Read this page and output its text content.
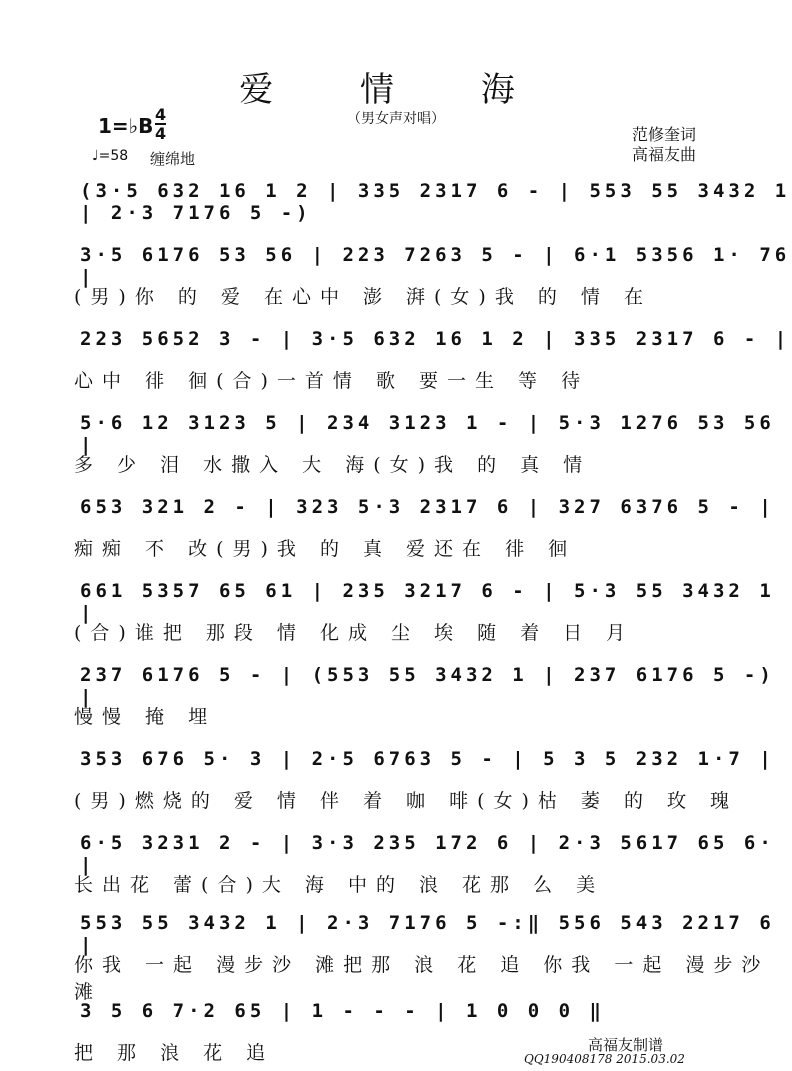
爱 情 海
（男女声对唱）
1=♭B 4
4
♩=58 缠绵地
范修奎词
高福友曲
(3·5 632 16 1 2 | 335 2317 6 - | 553 55 3432 1 | 2·3 7176 5 -)
3·5 6176 53 56 | 223 7263 5 - | 6·1 5356 1· 76 |
(男)你 的 爱 在心中 澎 湃(女)我 的 情 在
223 5652 3 - | 3·5 632 16 1 2 | 335 2317 6 - |
心中 徘 徊(合)一首情 歌 要一生 等 待
5·6 12 3123 5 | 234 3123 1 - | 5·3 1276 53 56 |
多 少 泪 水撒入 大 海(女)我 的 真 情
653 321 2 - | 323 5·3 2317 6 | 327 6376 5 - |
痴痴 不 改(男)我 的 真 爱还在 徘 徊
661 5357 65 61 | 235 3217 6 - | 5·3 55 3432 1 |
(合)谁把 那段 情 化成 尘 埃 随 着 日 月
237 6176 5 - | (553 55 3432 1 | 237 6176 5 -) |
慢慢 掩 埋
353 676 5· 3 | 2·5 6763 5 - | 5 3 5 232 1·7 |
(男)燃烧的 爱 情 伴 着 咖 啡(女)枯 萎 的 玫 瑰
6·5 3231 2 - | 3·3 235 172 6 | 2·3 5617 65 6· |
长出花 蕾(合)大 海 中的 浪 花那 么 美
553 55 3432 1 | 2·3 7176 5 -:‖ 556 543 2217 6 |
你我 一起 漫步沙 滩把那 浪 花 追 你我 一起 漫步沙 滩
3 5 6 7·2 65 | 1 - - - | 1 0 0 0 ‖
把 那 浪 花 追	高福友制谱
QQ190408178 2015.03.02
